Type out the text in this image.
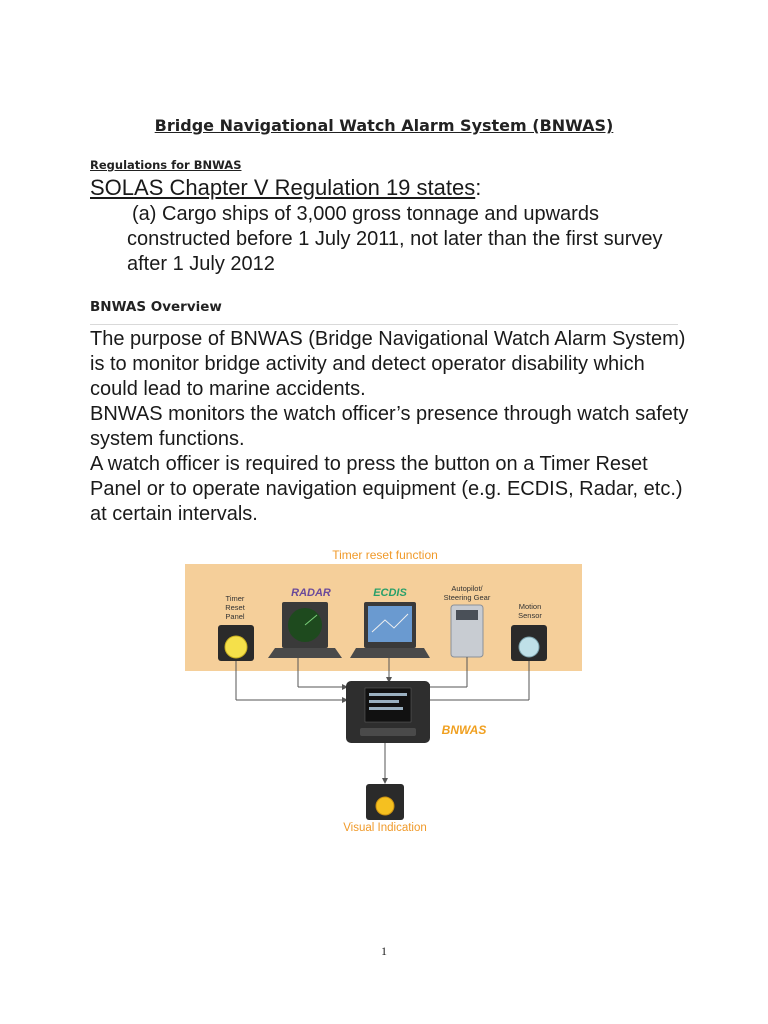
Bridge Navigational Watch Alarm System (BNWAS)
Regulations for BNWAS
SOLAS Chapter V Regulation 19 states:
(a) Cargo ships of 3,000 gross tonnage and upwards
constructed before 1 July 2011, not later than the first survey
after 1 July 2012
BNWAS Overview

The purpose of BNWAS (Bridge Navigational Watch Alarm System) is to monitor bridge activity and detect operator disability which could lead to marine accidents.

BNWAS monitors the watch officer’s presence through watch safety system functions.

A watch officer is required to press the button on a Timer Reset Panel or to operate navigation equipment (e.g. ECDIS, Radar, etc.) at certain intervals.

Timer reset function
Timer
Reset
Panel
RADAR	ECDIS	Autopilot/
Steering Gear
Motion
Sensor
BNWAS
Visual Indication
1
